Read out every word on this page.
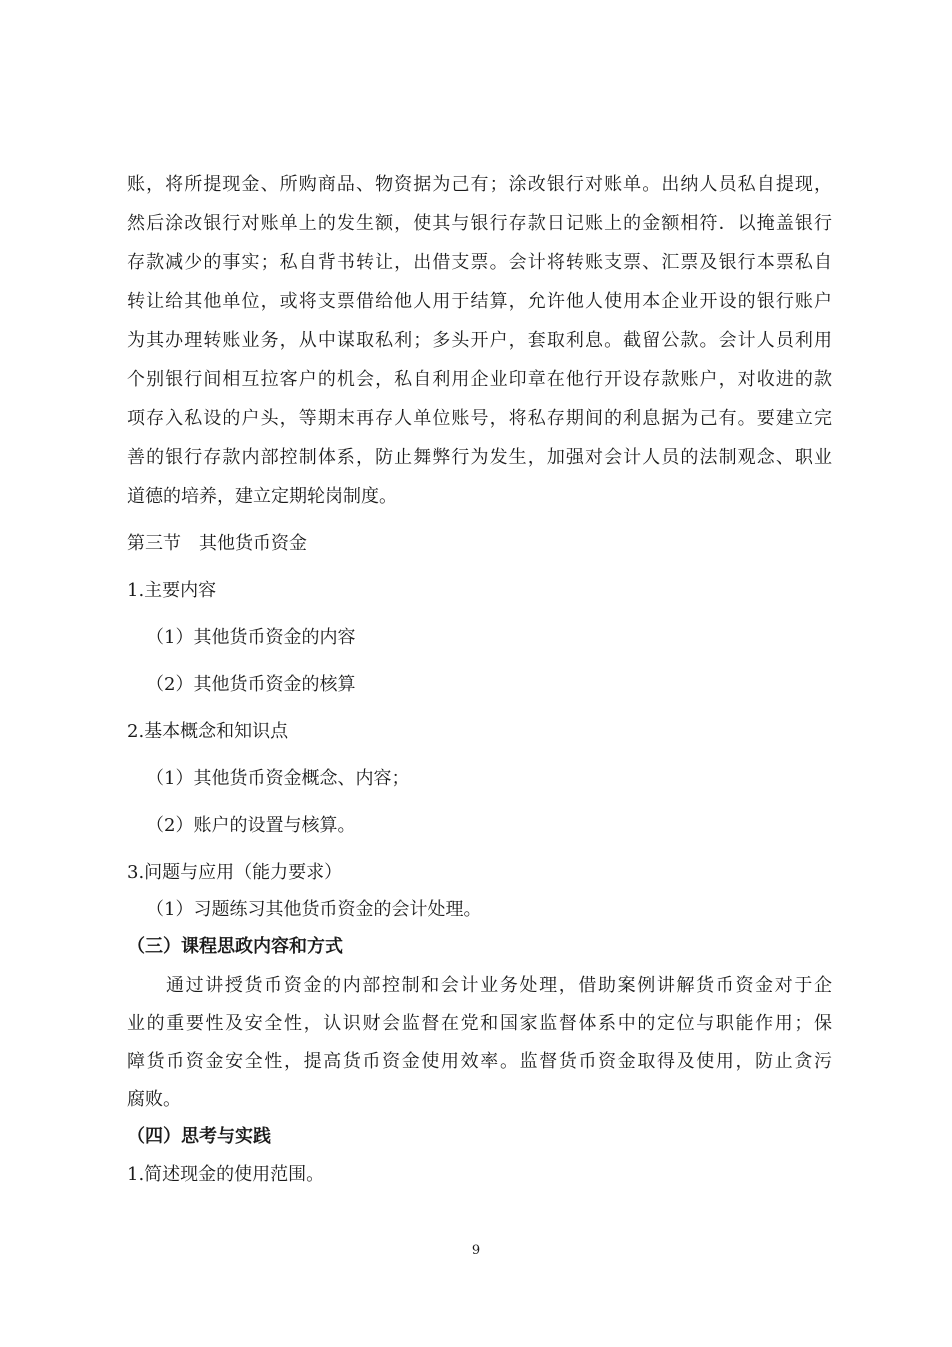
账，将所提现金、所购商品、物资据为己有；涂改银行对账单。出纳人员私自提现，

然后涂改银行对账单上的发生额，使其与银行存款日记账上的金额相符．以掩盖银行

存款减少的事实；私自背书转让，出借支票。会计将转账支票、汇票及银行本票私自

转让给其他单位，或将支票借给他人用于结算，允许他人使用本企业开设的银行账户

为其办理转账业务，从中谋取私利；多头开户，套取利息。截留公款。会计人员利用

个别银行间相互拉客户的机会，私自利用企业印章在他行开设存款账户，对收进的款

项存入私设的户头，等期末再存人单位账号，将私存期间的利息据为己有。要建立完

善的银行存款内部控制体系，防止舞弊行为发生，加强对会计人员的法制观念、职业

道德的培养，建立定期轮岗制度。

第三节　其他货币资金

1.主要内容

（1）其他货币资金的内容

（2）其他货币资金的核算

2.基本概念和知识点

（1）其他货币资金概念、内容；

（2）账户的设置与核算。

3.问题与应用（能力要求）

（1）习题练习其他货币资金的会计处理。

（三）课程思政内容和方式

通过讲授货币资金的内部控制和会计业务处理，借助案例讲解货币资金对于企

业的重要性及安全性，认识财会监督在党和国家监督体系中的定位与职能作用；保

障货币资金安全性，提高货币资金使用效率。监督货币资金取得及使用，防止贪污

腐败。

（四）思考与实践

1.简述现金的使用范围。

9
